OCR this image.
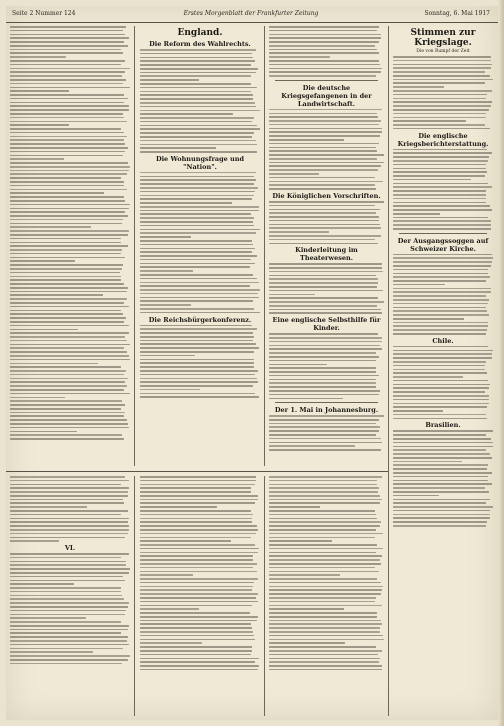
Seite 2 Nummer 124	Erstes Morgenblatt der Frankfurter Zeitung	Sonntag, 6. Mai 1917
England.
Die Reform des Wahlrechts.
Die Wohnungsfrage und "Nation".
Die Reichsbürgerkonferenz.
Die deutsche Kriegsgefangenen in der Landwirtschaft.
Die Königlichen Vorschriften.
Kinderleitung im Theaterwesen.
Eine englische Selbsthilfe für Kinder.
Der 1. Mai in Johannesburg.
Stimmen zur Kriegslage.
Die von Rumpf der Zeit
Die englische Kriegsberichterstattung.
Der Ausgangssoggen auf Schweizer Kirche.
Chile.
Brasilien.
VI.
